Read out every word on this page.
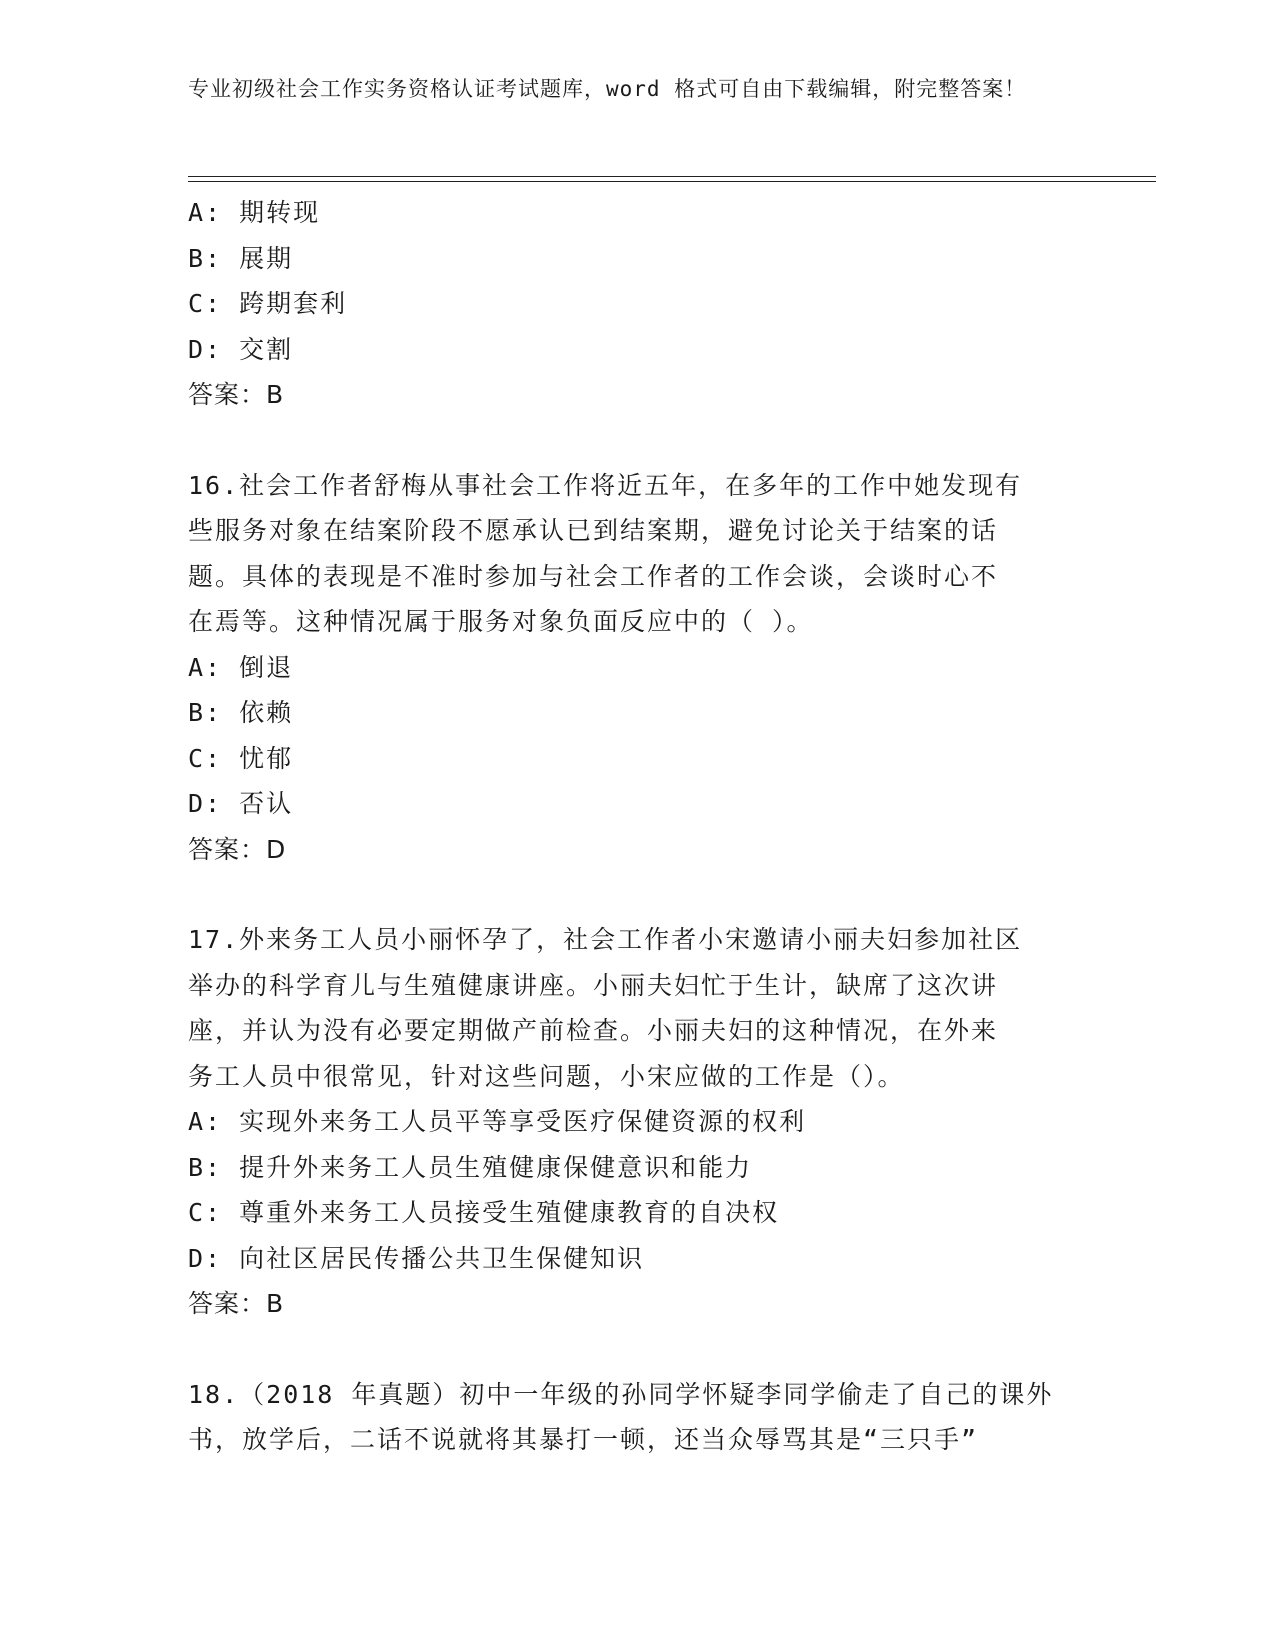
专业初级社会工作实务资格认证考试题库，word 格式可自由下载编辑，附完整答案！
A: 期转现
B: 展期
C: 跨期套利
D: 交割
答案：B
16.社会工作者舒梅从事社会工作将近五年，在多年的工作中她发现有
些服务对象在结案阶段不愿承认已到结案期，避免讨论关于结案的话
题。具体的表现是不准时参加与社会工作者的工作会谈，会谈时心不
在焉等。这种情况属于服务对象负面反应中的（ ）。
A: 倒退
B: 依赖
C: 忧郁
D: 否认
答案：D
17.外来务工人员小丽怀孕了，社会工作者小宋邀请小丽夫妇参加社区
举办的科学育儿与生殖健康讲座。小丽夫妇忙于生计，缺席了这次讲
座，并认为没有必要定期做产前检查。小丽夫妇的这种情况，在外来
务工人员中很常见，针对这些问题，小宋应做的工作是（）。
A: 实现外来务工人员平等享受医疗保健资源的权利
B: 提升外来务工人员生殖健康保健意识和能力
C: 尊重外来务工人员接受生殖健康教育的自决权
D: 向社区居民传播公共卫生保健知识
答案：B
18.（2018 年真题）初中一年级的孙同学怀疑李同学偷走了自己的课外
书，放学后，二话不说就将其暴打一顿，还当众辱骂其是“三只手”
